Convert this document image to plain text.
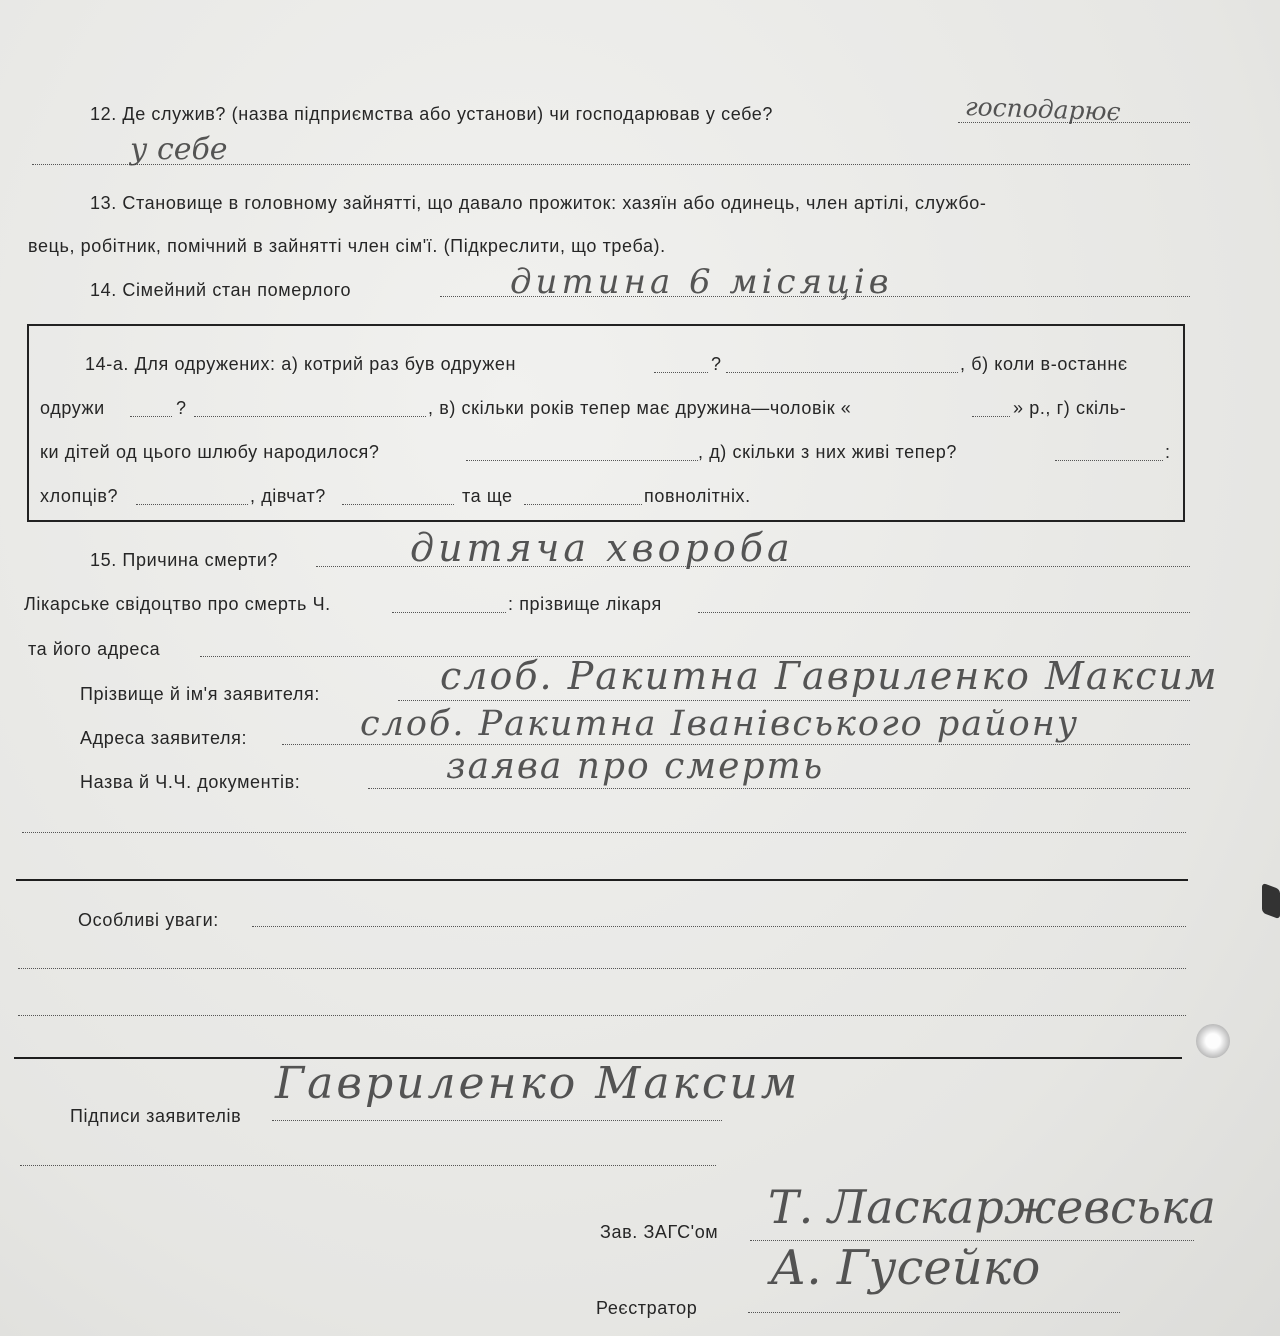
12. Де служив? (назва підприємства або установи) чи господарював у себе?	господарює
у себе
13. Становище в головному зайнятті, що давало прожиток: хазяїн або одинець, член артілі, службо-
вець, робітник, помічний в зайнятті член сім'ї. (Підкреслити, що треба).
14. Сімейний стан померлого	дитина 6 місяців
14-а. Для одружених: а) котрий раз був одружен	?	, б) коли в-останнє
одружи	?	, в) скільки років тепер має дружина—чоловік «	» р., г) скіль-
ки дітей од цього шлюбу народилося?	, д) скільки з них живі тепер?	:
хлопців?	, дівчат?	та ще	повнолітніх.
15. Причина смерти?	дитяча хвороба
Лікарське свідоцтво про смерть Ч.	: прізвище лікаря
та його адреса
Прізвище й ім'я заявителя:	слоб. Ракитна Гавриленко Максим
Адреса заявителя:	слоб. Ракитна Іванівського району
Назва й Ч.Ч. документів:	заява про смерть
Особливі уваги:
Підписи заявителів
Гавриленко Максим
Зав. ЗАГС'ом Т. Ласкаржевська
Реєстратор
А. Гусейко
